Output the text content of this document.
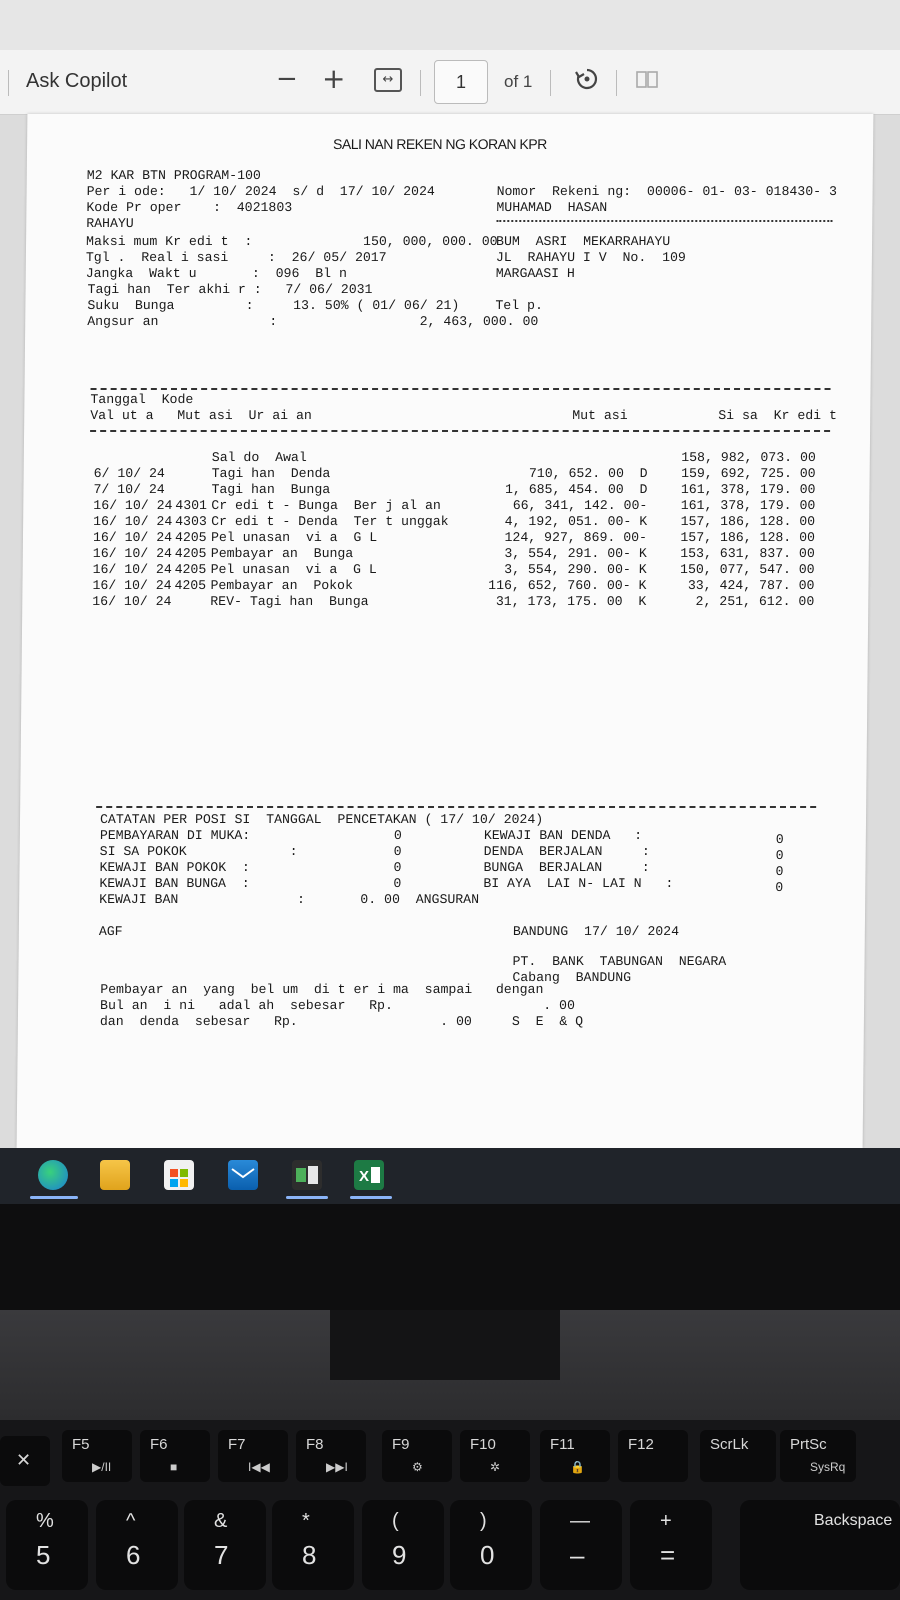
Ask Copilot	− +	↔	1	of 1
SALI NAN REKEN NG KORAN KPR
M2 KAR BTN PROGRAM-100
Per i ode:   1/ 10/ 2024  s/ d  17/ 10/ 2024
Kode Pr oper    :  4021803
RAHAYU
Maksi mum Kr edi t  :              150, 000, 000. 00
Tgl .  Real i sasi     :  26/ 05/ 2017
Jangka  Wakt u       :  096  Bl n
Tagi han  Ter akhi r :   7/ 06/ 2031
Suku  Bunga         :     13. 50% ( 01/ 06/ 21)
Angsur an              :                  2, 463, 000. 00
Nomor  Rekeni ng:  00006- 01- 03- 018430- 3
MUHAMAD  HASAN
BUM  ASRI  MEKARRAHAYU
JL  RAHAYU I V  No.  109
MARGAASI H
Tel p.
Tanggal  Kode
Val ut a   Mut asi  Ur ai an	Mut asi	Si sa  Kr edi t
Sal do  Awal	158, 982, 073. 00
6/ 10/ 24	Tagi han  Denda	710, 652. 00  D	159, 692, 725. 00
7/ 10/ 24	Tagi han  Bunga	1, 685, 454. 00  D	161, 378, 179. 00
16/ 10/ 24 4301 Cr edi t - Bunga  Ber j al an	66, 341, 142. 00-	161, 378, 179. 00
16/ 10/ 24 4303 Cr edi t - Denda  Ter t unggak	4, 192, 051. 00- K	157, 186, 128. 00
16/ 10/ 24 4205 Pel unasan  vi a  G L	124, 927, 869. 00-	157, 186, 128. 00
16/ 10/ 24 4205 Pembayar an  Bunga	3, 554, 291. 00- K	153, 631, 837. 00
16/ 10/ 24 4205 Pel unasan  vi a  G L	3, 554, 290. 00- K	150, 077, 547. 00
16/ 10/ 24 4205 Pembayar an  Pokok	116, 652, 760. 00- K	33, 424, 787. 00
16/ 10/ 24	REV- Tagi han  Bunga	31, 173, 175. 00  K	2, 251, 612. 00
CATATAN PER POSI SI  TANGGAL  PENCETAKAN ( 17/ 10/ 2024)
PEMBAYARAN DI MUKA:	0
SI SA POKOK             :	0
KEWAJI BAN POKOK  :	0
KEWAJI BAN BUNGA  :	0
KEWAJI BAN DENDA   :	0
DENDA  BERJALAN     :	0
BUNGA  BERJALAN     :	0
BI AYA  LAI N- LAI N   :	0
KEWAJI BAN               :       0. 00  ANGSURAN
AGF	BANDUNG  17/ 10/ 2024
PT.  BANK  TABUNGAN  NEGARA
Cabang  BANDUNG
Pembayar an  yang  bel um  di t er i ma  sampai   dengan
Bul an  i ni   adal ah  sebesar   Rp.                   . 00
dan  denda  sebesar   Rp.                  . 00	S  E  & Q
X
✕
F5
▶/II
F6
■
F7
I◀◀
F8
▶▶I
F9
⚙
F10
✲
F11
🔒
F12	ScrLk	PrtSc
SysRq
%
5
^
6
&
7
*
8
(
9
)
0
—
–
+
=
Backspace
